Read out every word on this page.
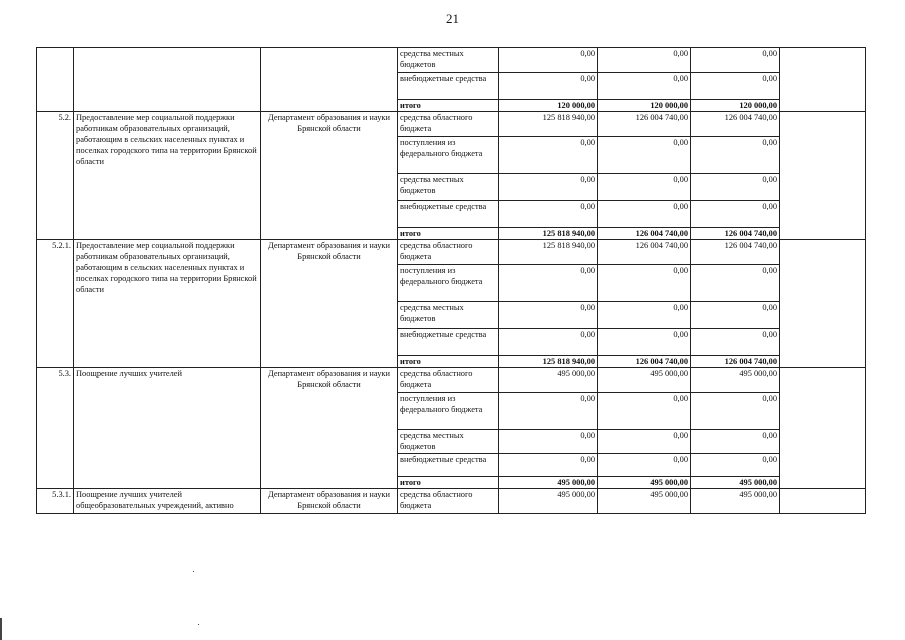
21
			средства местных бюджетов	0,00	0,00	0,00	
			внебюджетные средства	0,00	0,00	0,00	
			итого	120 000,00	120 000,00	120 000,00	
5.2.	Предоставление мер социальной поддержки работникам образовательных организаций, работающим в сельских населенных пунктах и поселках городского типа на территории Брянской области	Департамент образования и науки Брянской области	средства областного бюджета	125 818 940,00	126 004 740,00	126 004 740,00	
			поступления из федерального бюджета	0,00	0,00	0,00	
			средства местных бюджетов	0,00	0,00	0,00	
			внебюджетные средства	0,00	0,00	0,00	
			итого	125 818 940,00	126 004 740,00	126 004 740,00	
5.2.1.	Предоставление мер социальной поддержки работникам образовательных организаций, работающим в сельских населенных пунктах и поселках городского типа на территории Брянской области	Департамент образования и науки Брянской области	средства областного бюджета	125 818 940,00	126 004 740,00	126 004 740,00	
			поступления из федерального бюджета	0,00	0,00	0,00	
			средства местных бюджетов	0,00	0,00	0,00	
			внебюджетные средства	0,00	0,00	0,00	
			итого	125 818 940,00	126 004 740,00	126 004 740,00	
5.3.	Поощрение лучших учителей	Департамент образования и науки Брянской области	средства областного бюджета	495 000,00	495 000,00	495 000,00	
			поступления из федерального бюджета	0,00	0,00	0,00	
			средства местных бюджетов	0,00	0,00	0,00	
			внебюджетные средства	0,00	0,00	0,00	
			итого	495 000,00	495 000,00	495 000,00	
5.3.1.	Поощрение лучших учителей общеобразовательных учреждений, активно	Департамент образования и науки Брянской области	средства областного бюджета	495 000,00	495 000,00	495 000,00	
